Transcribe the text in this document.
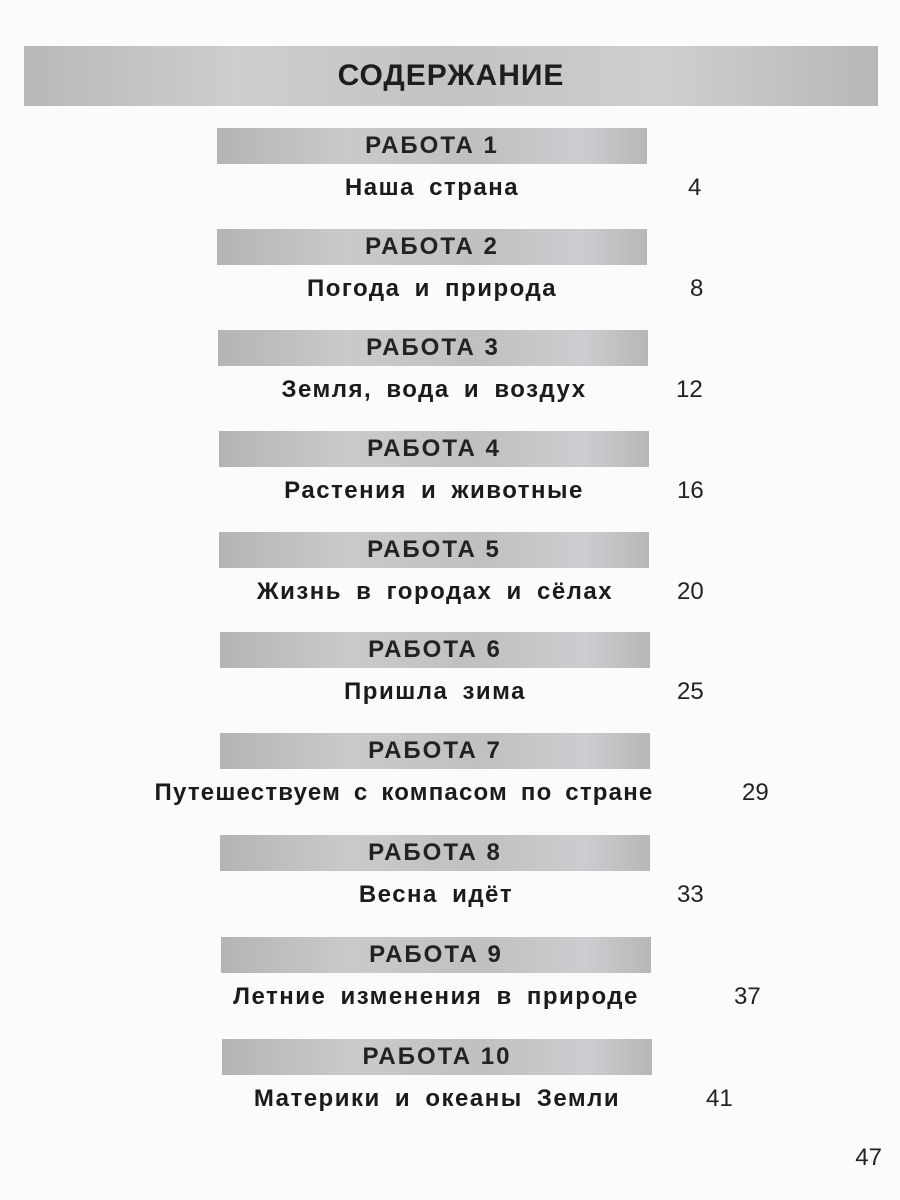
СОДЕРЖАНИЕ
РАБОТА 1
Наша страна	4
РАБОТА 2
Погода и природа	8
РАБОТА 3
Земля, вода и воздух	12
РАБОТА 4
Растения и животные	16
РАБОТА 5
Жизнь в городах и сёлах	20
РАБОТА 6
Пришла зима	25
РАБОТА 7
Путешествуем с компасом по стране	29
РАБОТА 8
Весна идёт	33
РАБОТА 9
Летние изменения в природе	37
РАБОТА 10
Материки и океаны Земли	41
47
